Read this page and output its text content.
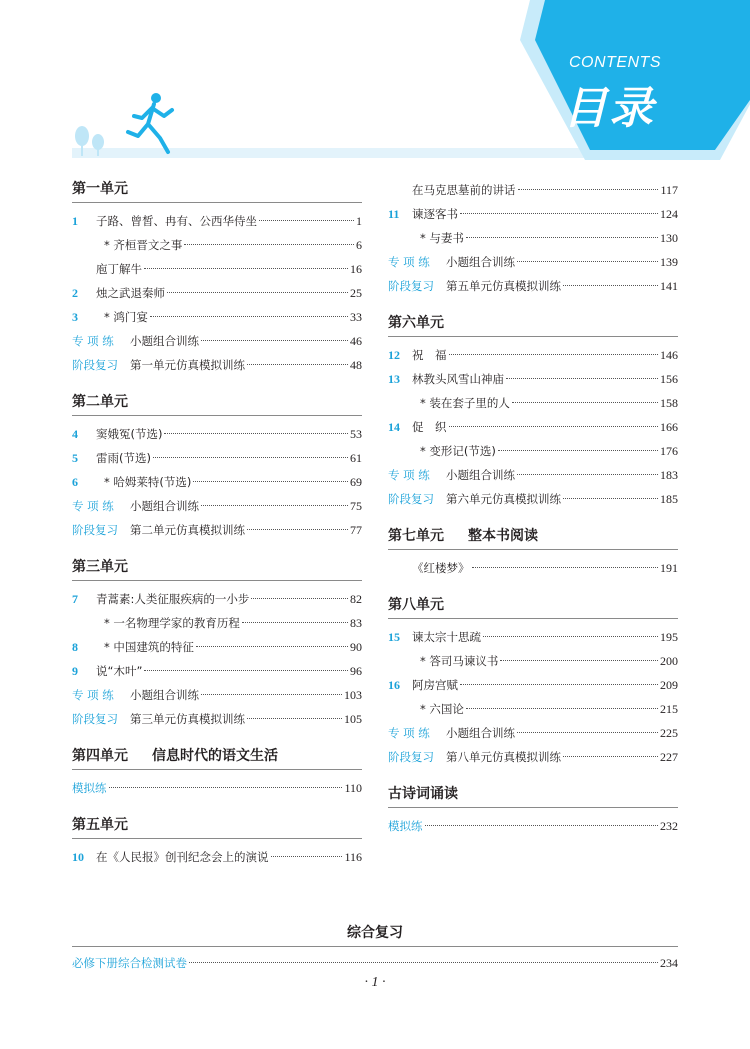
CONTENTS
目录
第一单元
1	子路、曾皙、冉有、公西华侍坐	1
* 齐桓晋文之事	6
庖丁解牛	16
2	烛之武退秦师	25
3	* 鸿门宴	33
专 项 练	小题组合训练	46
阶段复习	第一单元仿真模拟训练	48
第二单元
4	窦娥冤(节选)	53
5	雷雨(节选)	61
6	* 哈姆莱特(节选)	69
专 项 练	小题组合训练	75
阶段复习	第二单元仿真模拟训练	77
第三单元
7	青蒿素:人类征服疾病的一小步	82
* 一名物理学家的教育历程	83
8	* 中国建筑的特征	90
9	说“木叶”	96
专 项 练	小题组合训练	103
阶段复习	第三单元仿真模拟训练	105
第四单元 信息时代的语文生活
模拟练	110
第五单元
10	在《人民报》创刊纪念会上的演说	116
在马克思墓前的讲话	117
11	谏逐客书	124
* 与妻书	130
专 项 练	小题组合训练	139
阶段复习	第五单元仿真模拟训练	141
第六单元
12	祝　福	146
13	林教头风雪山神庙	156
* 装在套子里的人	158
14	促　织	166
* 变形记(节选)	176
专 项 练	小题组合训练	183
阶段复习	第六单元仿真模拟训练	185
第七单元 整本书阅读
《红楼梦》	191
第八单元
15	谏太宗十思疏	195
* 答司马谏议书	200
16	阿房宫赋	209
* 六国论	215
专 项 练	小题组合训练	225
阶段复习	第八单元仿真模拟训练	227
古诗词诵读
模拟练	232
综合复习
必修下册综合检测试卷	234
· 1 ·
